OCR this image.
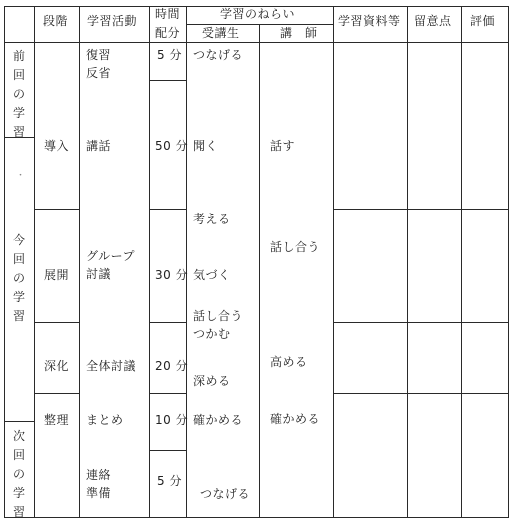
段階 学習活動 時間
配分
学習のねらい
受講生	講　師
学習資料等 留意点 評価
前回の学習
・
今回の学習
次回の学習
導入
展開
深化
整理
復習
反省
講話
グループ
討議
全体討議
まとめ
連絡
準備
5 分
50 分
30 分
20 分
10 分
5 分
つなげる
聞く
考える
気づく
話し合う
つかむ
深める
確かめる
つなげる
話す
話し合う
高める
確かめる
